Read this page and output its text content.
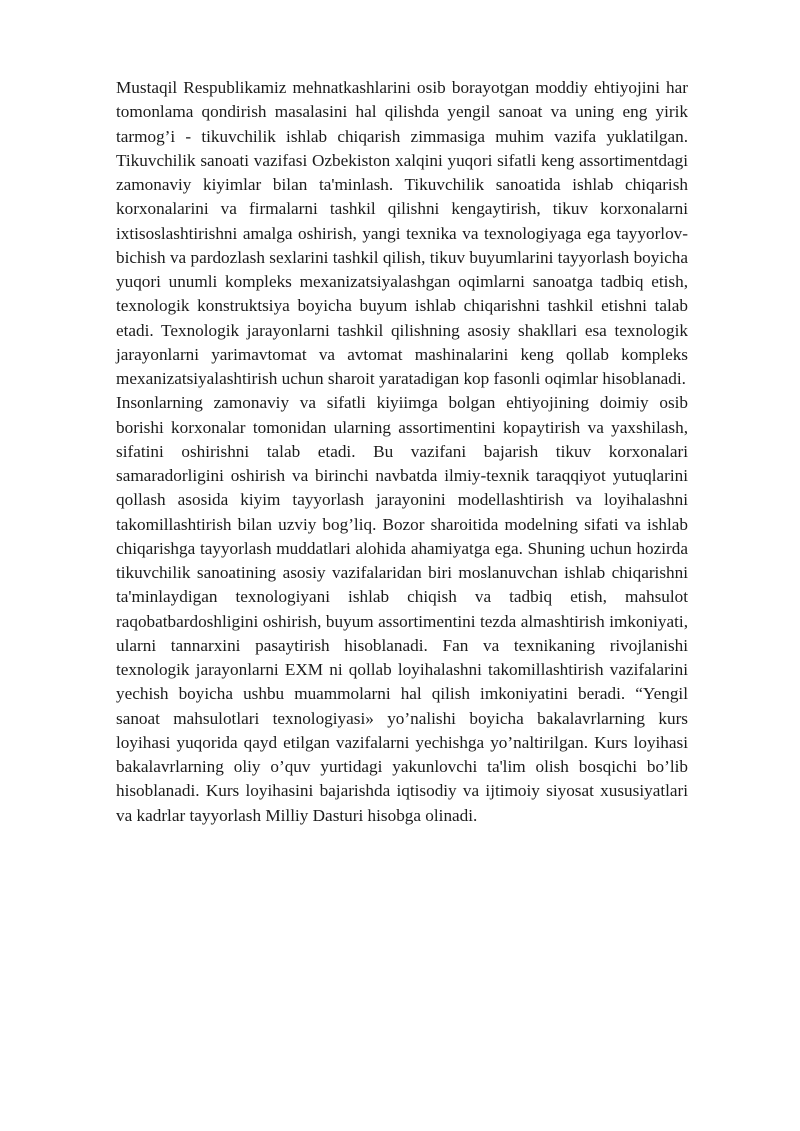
Mustaqil Respublikamiz mehnatkashlarini osib borayotgan moddiy ehtiyojini har tomonlama qondirish masalasini hal qilishda yengil sanoat va uning eng yirik tarmog’i - tikuvchilik ishlab chiqarish zimmasiga muhim vazifa yuklatilgan. Tikuvchilik sanoati vazifasi Ozbekiston xalqini yuqori sifatli keng assortimentdagi zamonaviy kiyimlar bilan ta'minlash. Tikuvchilik sanoatida ishlab chiqarish korxonalarini va firmalarni tashkil qilishni kengaytirish, tikuv korxonalarni ixtisoslashtirishni amalga oshirish, yangi texnika va texnologiyaga ega tayyorlov-bichish va pardozlash sexlarini tashkil qilish, tikuv buyumlarini tayyorlash boyicha yuqori unumli kompleks mexanizatsiyalashgan oqimlarni sanoatga tadbiq etish, texnologik konstruktsiya boyicha buyum ishlab chiqarishni tashkil etishni talab etadi. Texnologik jarayonlarni tashkil qilishning asosiy shakllari esa texnologik jarayonlarni yarimavtomat va avtomat mashinalarini keng qollab kompleks mexanizatsiyalashtirish uchun sharoit yaratadigan kop fasonli oqimlar hisoblanadi.

Insonlarning zamonaviy va sifatli kiyiimga bolgan ehtiyojining doimiy osib borishi korxonalar tomonidan ularning assortimentini kopaytirish va yaxshilash, sifatini oshirishni talab etadi. Bu vazifani bajarish tikuv korxonalari samaradorligini oshirish va birinchi navbatda ilmiy-texnik taraqqiyot yutuqlarini qollash asosida kiyim tayyorlash jarayonini modellashtirish va loyihalashni takomillashtirish bilan uzviy bog’liq. Bozor sharoitida modelning sifati va ishlab chiqarishga tayyorlash muddatlari alohida ahamiyatga ega. Shuning uchun hozirda tikuvchilik sanoatining asosiy vazifalaridan biri moslanuvchan ishlab chiqarishni ta'minlaydigan texnologiyani ishlab chiqish va tadbiq etish, mahsulot raqobatbardoshligini oshirish, buyum assortimentini tezda almashtirish imkoniyati, ularni tannarxini pasaytirish hisoblanadi. Fan va texnikaning rivojlanishi texnologik jarayonlarni EXM ni qollab loyihalashni takomillashtirish vazifalarini yechish boyicha ushbu muammolarni hal qilish imkoniyatini beradi. “Yengil sanoat mahsulotlari texnologiyasi» yo’nalishi boyicha bakalavrlarning kurs loyihasi yuqorida qayd etilgan vazifalarni yechishga yo’naltirilgan. Kurs loyihasi bakalavrlarning oliy o’quv yurtidagi yakunlovchi ta'lim olish bosqichi bo’lib hisoblanadi. Kurs loyihasini bajarishda iqtisodiy va ijtimoiy siyosat xususiyatlari va kadrlar tayyorlash Milliy Dasturi hisobga olinadi.
